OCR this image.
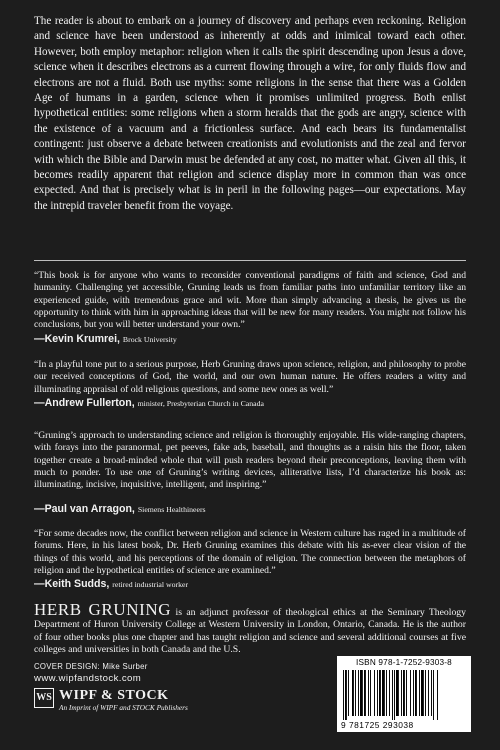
The reader is about to embark on a journey of discovery and perhaps even reckoning. Religion and science have been understood as inherently at odds and inimical toward each other. However, both employ metaphor: religion when it calls the spirit descending upon Jesus a dove, science when it describes electrons as a current flowing through a wire, for only fluids flow and electrons are not a fluid. Both use myths: some religions in the sense that there was a Golden Age of humans in a garden, science when it promises unlimited progress. Both enlist hypothetical entities: some religions when a storm heralds that the gods are angry, science with the existence of a vacuum and a frictionless surface. And each bears its fundamentalist contingent: just observe a debate between creationists and evolutionists and the zeal and fervor with which the Bible and Darwin must be defended at any cost, no matter what. Given all this, it becomes readily apparent that religion and science display more in common than was once expected. And that is precisely what is in peril in the following pages—our expectations. May the intrepid traveler benefit from the voyage.

“This book is for anyone who wants to reconsider conventional paradigms of faith and science, God and humanity. Challenging yet accessible, Gruning leads us from familiar paths into unfamiliar territory like an experienced guide, with tremendous grace and wit. More than simply advancing a thesis, he gives us the opportunity to think with him in approaching ideas that will be new for many readers. You might not follow his conclusions, but you will better understand your own.”

—Kevin Krumrei, Brock University

“In a playful tone put to a serious purpose, Herb Gruning draws upon science, religion, and philosophy to probe our received conceptions of God, the world, and our own human nature. He offers readers a witty and illuminating appraisal of old religious questions, and some new ones as well.”

—Andrew Fullerton, minister, Presbyterian Church in Canada

“Gruning’s approach to understanding science and religion is thoroughly enjoyable. His wide-ranging chapters, with forays into the paranormal, pet peeves, fake ads, baseball, and thoughts as a raisin hits the floor, taken together create a broad-minded whole that will push readers beyond their preconceptions, leaving them with much to ponder. To use one of Gruning’s writing devices, alliterative lists, I’d characterize his book as: illuminating, incisive, inquisitive, intelligent, and inspiring.”

—Paul van Arragon, Siemens Healthineers

“For some decades now, the conflict between religion and science in Western culture has raged in a multitude of forums. Here, in his latest book, Dr. Herb Gruning examines this debate with his as-ever clear vision of the things of this world, and his perceptions of the domain of religion. The connection between the metaphors of religion and the hypothetical entities of science are examined.”

—Keith Sudds, retired industrial worker

HERB GRUNING is an adjunct professor of theological ethics at the Seminary Theology Department of Huron University College at Western University in London, Ontario, Canada. He is the author of four other books plus one chapter and has taught religion and science and several additional courses at five colleges and universities in both Canada and the U.S.

COVER DESIGN: Mike Surber
www.wipfandstock.com
WS WIPF & STOCK
An Imprint of WIPF and STOCK Publishers
ISBN 978-1-7252-9303-8
9 781725 293038
